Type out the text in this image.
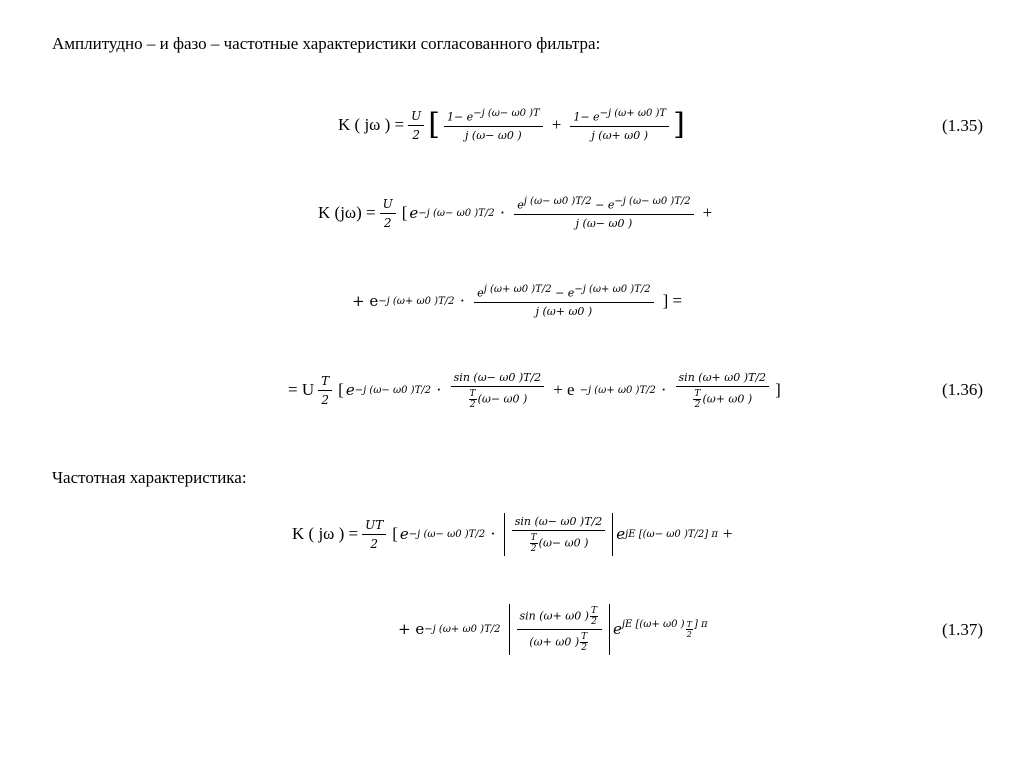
Амплитудно – и фазо – частотные характеристики согласованного фильтра:
K ( jω ) = $\frac{U}{2}$ [ $\frac{1- e-j (\omega- \omega 0 )T}{j (\omega- \omega 0 )} + \frac{1- e-j (\omega+ \omega 0 )T}{j (\omega+ \omega 0 )}$ ]	(1.35)
K $(j\omega) = \frac{U}{2}$ [ e −j (ω− ω0 )$T/2 \cdot \frac{ej (\omega- \omega 0 )T/2 - e-j (\omega- \omega 0 )T/2}{j (\omega- \omega 0 )}$ +
+ e −j (ω+ ω0 )$T/2 \cdot \frac{ej (\omega+ \omega 0 )T/2 - e-j (\omega+ \omega 0 )T/2}{j (\omega+ \omega 0 )}$ ] =
= U $\frac{T}{2}$ [ e −j (ω− ω0 )$T/2 \cdot \frac{\sin (\omega- \omega 0 )T/2}{\frac{T}{2} (\omega- \omega 0 )} + e -j$ (ω+ ω0 )$T/2 \cdot \frac{\sin (\omega+ \omega 0 )T/2}{\frac{T}{2} (\omega+ \omega 0 )}$ ]	(1.36)
Частотная характеристика:
K ( jω ) = $\frac{UT}{2}$ [ e −j (ω− ω0 )$T/2 \cdot \frac{\sin (\omega- \omega 0 )T/2}{\frac{T}{2} (\omega- \omega 0 )}$ e jE [(ω− ω0 )T/2] π +
+ e −j (ω+ ω0 )$T/2 \frac{\sin (\omega+ \omega 0 ) \frac{T}{2}}{(\omega+ \omega 0 ) \frac{T}{2}}$ e jE [(ω+ ω0 ) $\frac{T}{2}$ ] π	(1.37)
